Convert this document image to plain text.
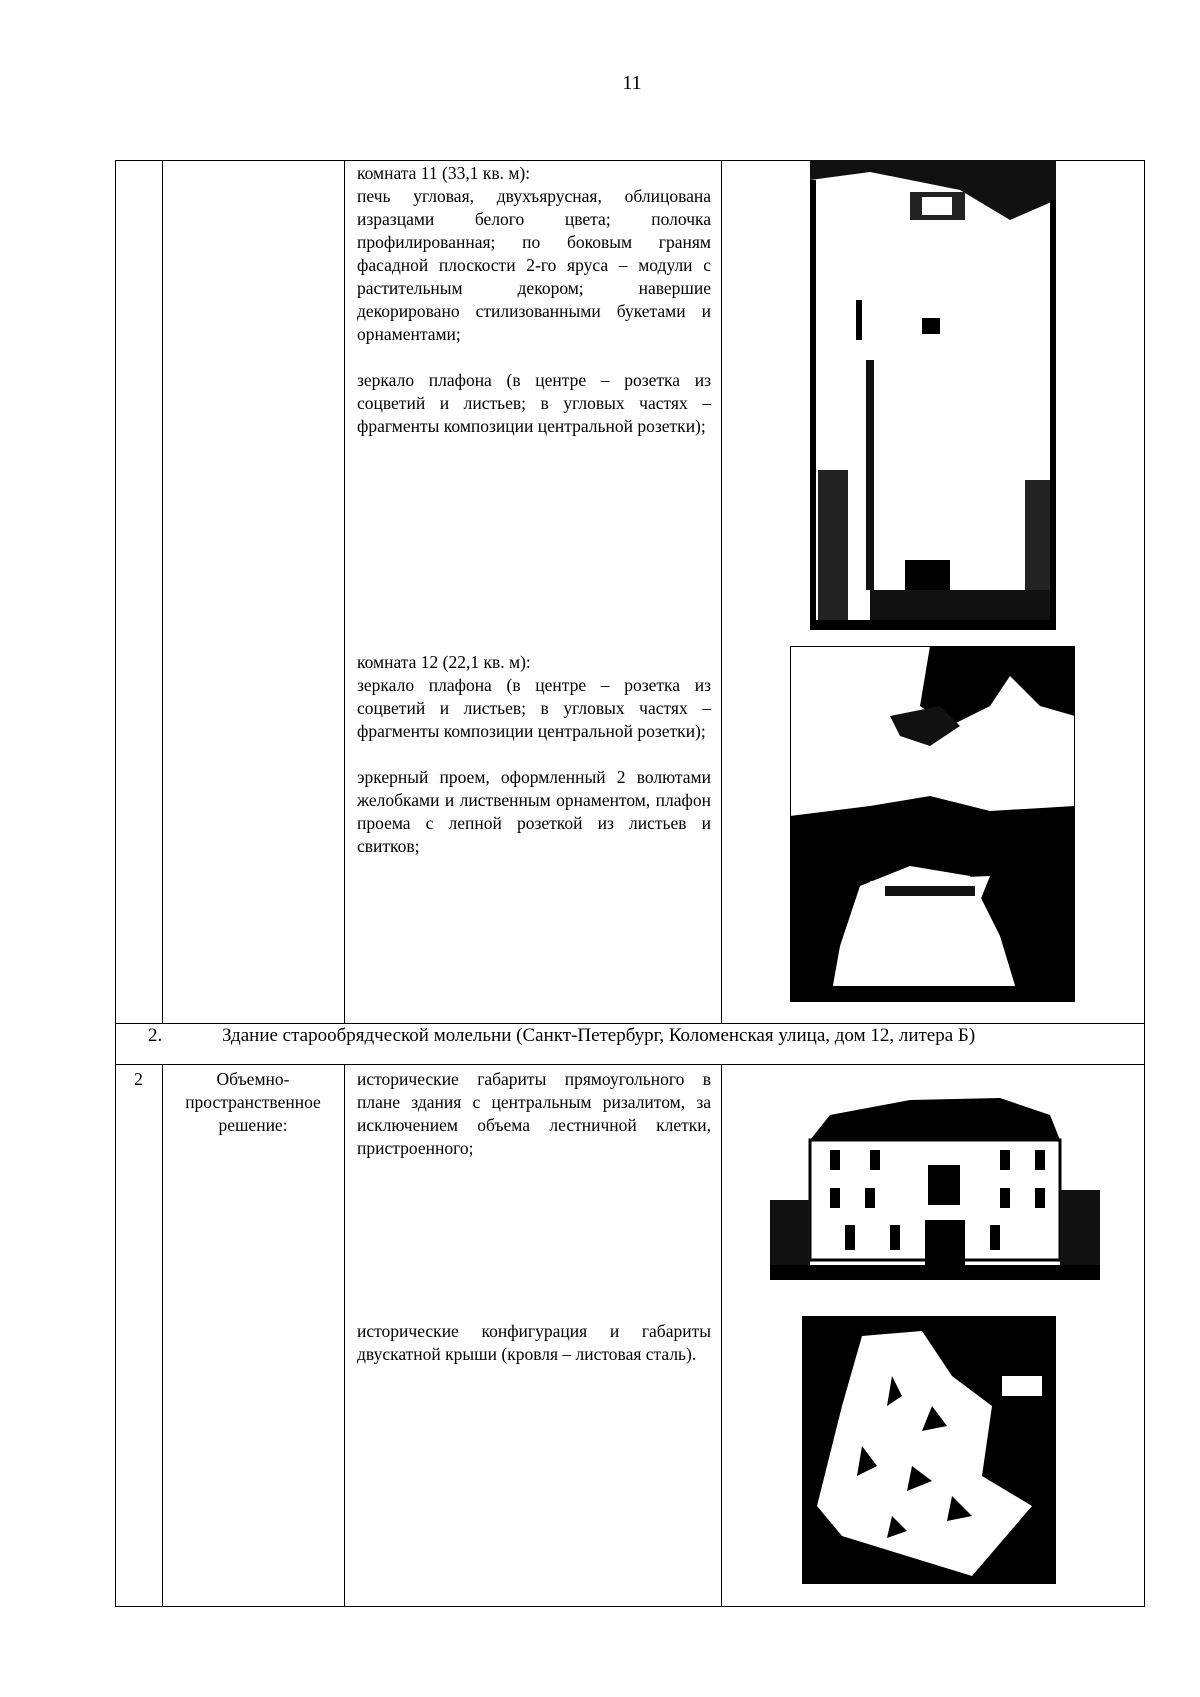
11

комната 11 (33,1 кв. м):
печь угловая, двухъярусная, облицована изразцами белого цвета; полочка профилированная; по боковым граням фасадной плоскости 2-го яруса – модули с растительным декором; навершие декорировано стилизованными букетами и орнаментами;

зеркало плафона (в центре – розетка из соцветий и листьев; в угловых частях – фрагменты композиции центральной розетки);

комната 12 (22,1 кв. м):
зеркало плафона (в центре – розетка из соцветий и листьев; в угловых частях – фрагменты композиции центральной розетки);

эркерный проем, оформленный 2 волютами желобками и лиственным орнаментом, плафон проема с лепной розеткой из листьев и свитков;

2.	Здание старообрядческой молельни (Санкт-Петербург, Коломенская улица, дом 12, литера Б)
2	Объемно-пространственное решение:
исторические габариты прямоугольного в плане здания с центральным ризалитом, за исключением объема лестничной клетки, пристроенного;
исторические конфигурация и габариты двускатной крыши (кровля – листовая сталь).
